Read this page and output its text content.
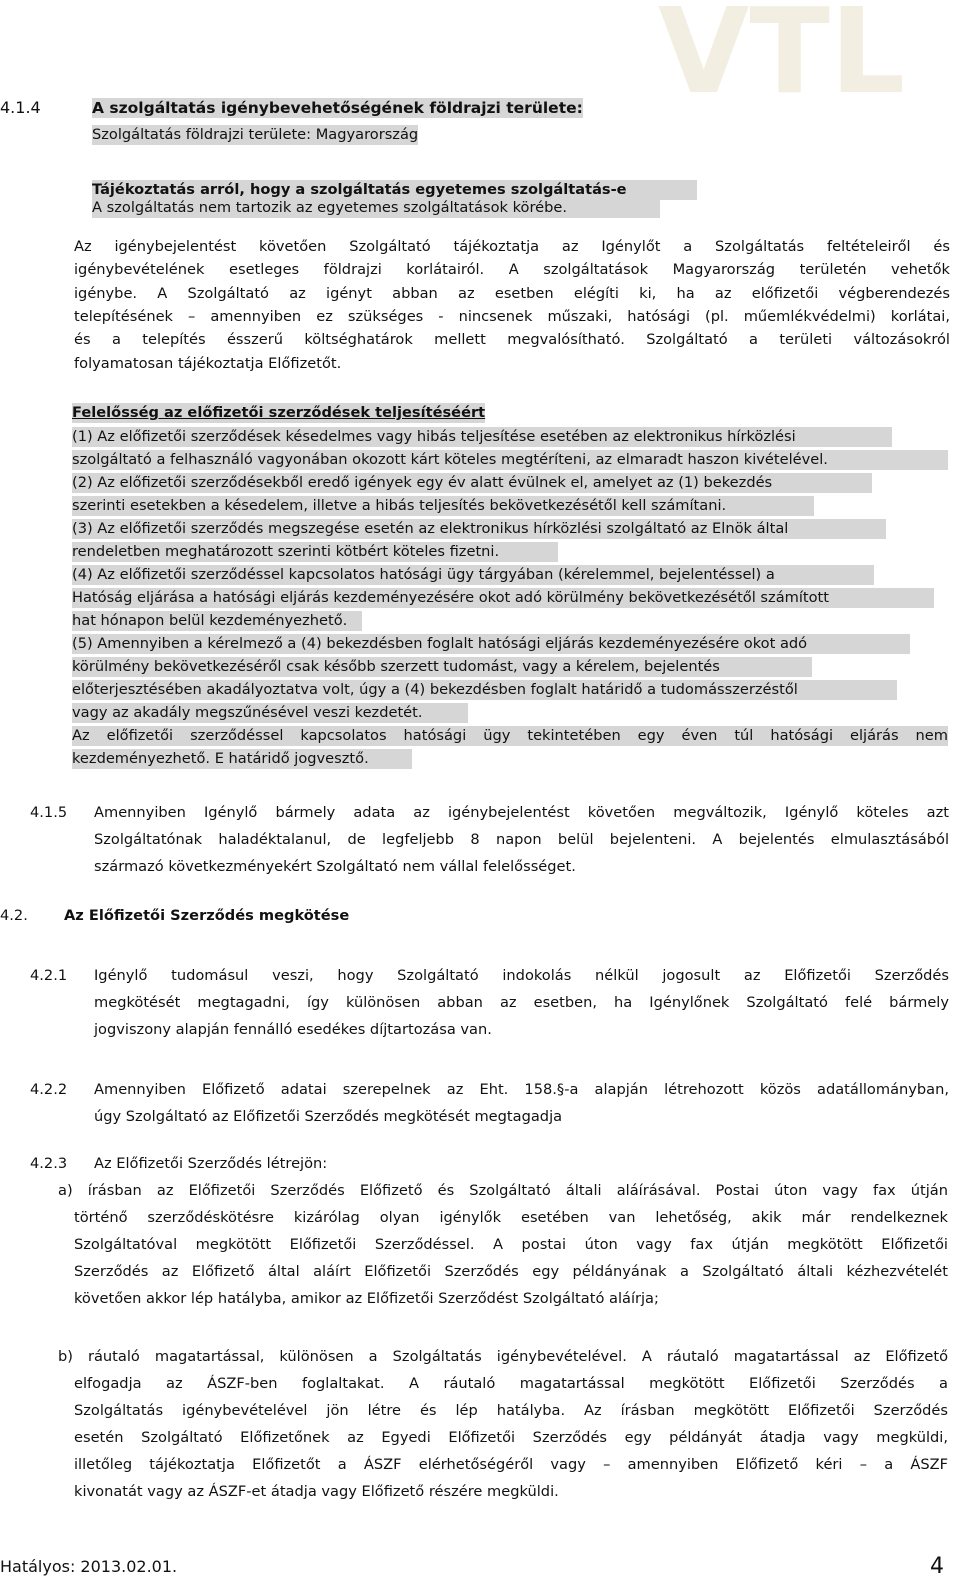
VTL
4.1.4	A szolgáltatás igénybevehetőségének földrajzi területe:
Szolgáltatás földrajzi területe: Magyarország
Tájékoztatás arról, hogy a szolgáltatás egyetemes szolgáltatás-e
A szolgáltatás nem tartozik az egyetemes szolgáltatások körébe.
Az igénybejelentést követően Szolgáltató tájékoztatja az Igénylőt a Szolgáltatás feltételeiről és
igénybevételének esetleges földrajzi korlátairól. A szolgáltatások Magyarország területén vehetők
igénybe. A Szolgáltató az igényt abban az esetben elégíti ki, ha az előfizetői végberendezés
telepítésének – amennyiben ez szükséges - nincsenek műszaki, hatósági (pl. műemlékvédelmi) korlátai,
és a telepítés ésszerű költséghatárok mellett megvalósítható. Szolgáltató a területi változásokról
folyamatosan tájékoztatja Előfizetőt.
Felelősség az előfizetői szerződések teljesítéséért
(1) Az előfizetői szerződések késedelmes vagy hibás teljesítése esetében az elektronikus hírközlési
szolgáltató a felhasználó vagyonában okozott kárt köteles megtéríteni, az elmaradt haszon kivételével.
(2) Az előfizetői szerződésekből eredő igények egy év alatt évülnek el, amelyet az (1) bekezdés
szerinti esetekben a késedelem, illetve a hibás teljesítés bekövetkezésétől kell számítani.
(3) Az előfizetői szerződés megszegése esetén az elektronikus hírközlési szolgáltató az Elnök által
rendeletben meghatározott szerinti kötbért köteles fizetni.
(4) Az előfizetői szerződéssel kapcsolatos hatósági ügy tárgyában (kérelemmel, bejelentéssel) a
Hatóság eljárása a hatósági eljárás kezdeményezésére okot adó körülmény bekövetkezésétől számított
hat hónapon belül kezdeményezhető.
(5) Amennyiben a kérelmező a (4) bekezdésben foglalt hatósági eljárás kezdeményezésére okot adó
körülmény bekövetkezéséről csak később szerzett tudomást, vagy a kérelem, bejelentés
előterjesztésében akadályoztatva volt, úgy a (4) bekezdésben foglalt határidő a tudomásszerzéstől
vagy az akadály megszűnésével veszi kezdetét.
Az előfizetői szerződéssel kapcsolatos hatósági ügy tekintetében egy éven túl hatósági eljárás nem
kezdeményezhető. E határidő jogvesztő.
4.1.5 Amennyiben Igénylő bármely adata az igénybejelentést követően megváltozik, Igénylő köteles azt
Szolgáltatónak haladéktalanul, de legfeljebb 8 napon belül bejelenteni. A bejelentés elmulasztásából
származó következményekért Szolgáltató nem vállal felelősséget.
4.2. Az Előfizetői Szerződés megkötése
4.2.1 Igénylő tudomásul veszi, hogy Szolgáltató indokolás nélkül jogosult az Előfizetői Szerződés
megkötését megtagadni, így különösen abban az esetben, ha Igénylőnek Szolgáltató felé bármely
jogviszony alapján fennálló esedékes díjtartozása van.
4.2.2 Amennyiben Előfizető adatai szerepelnek az Eht. 158.§-a alapján létrehozott közös adatállományban,
úgy Szolgáltató az Előfizetői Szerződés megkötését megtagadja
4.2.3 Az Előfizetői Szerződés létrejön:
a) írásban az Előfizetői Szerződés Előfizető és Szolgáltató általi aláírásával. Postai úton vagy fax útján
történő szerződéskötésre kizárólag olyan igénylők esetében van lehetőség, akik már rendelkeznek
Szolgáltatóval megkötött Előfizetői Szerződéssel. A postai úton vagy fax útján megkötött Előfizetői
Szerződés az Előfizető által aláírt Előfizetői Szerződés egy példányának a Szolgáltató általi kézhezvételét
követően akkor lép hatályba, amikor az Előfizetői Szerződést Szolgáltató aláírja;
b) ráutaló magatartással, különösen a Szolgáltatás igénybevételével. A ráutaló magatartással az Előfizető
elfogadja az ÁSZF-ben foglaltakat. A ráutaló magatartással megkötött Előfizetői Szerződés a
Szolgáltatás igénybevételével jön létre és lép hatályba. Az írásban megkötött Előfizetői Szerződés
esetén Szolgáltató Előfizetőnek az Egyedi Előfizetői Szerződés egy példányát átadja vagy megküldi,
illetőleg tájékoztatja Előfizetőt a ÁSZF elérhetőségéről vagy – amennyiben Előfizető kéri – a ÁSZF
kivonatát vagy az ÁSZF-et átadja vagy Előfizető részére megküldi.
Hatályos: 2013.02.01.	4
